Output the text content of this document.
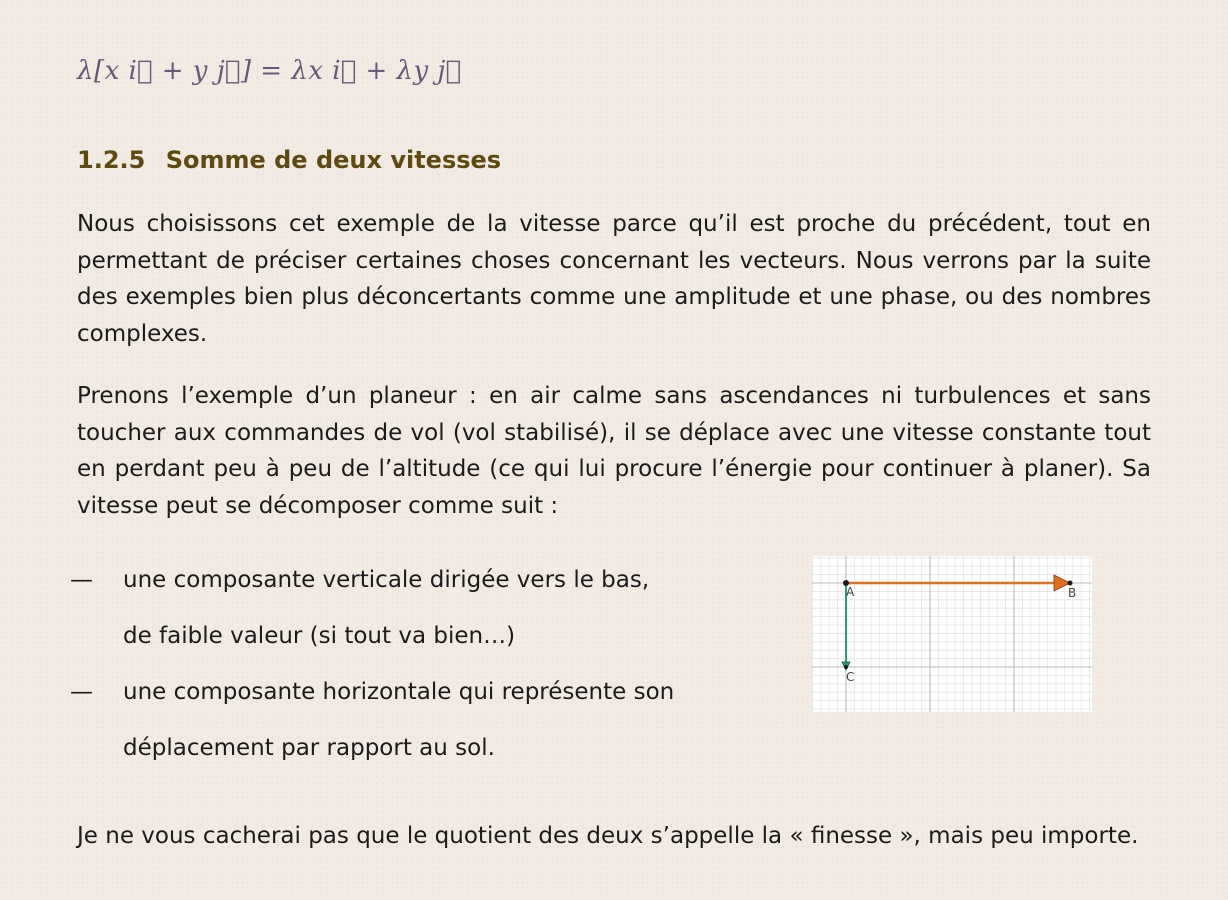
λ[x i⃗ + y j⃗] = λx i⃗ + λy j⃗
1.2.5 Somme de deux vitesses

Nous choisissons cet exemple de la vitesse parce qu’il est proche du précédent, tout en permettant de préciser certaines choses concernant les vecteurs. Nous verrons par la suite des exemples bien plus déconcertants comme une amplitude et une phase, ou des nombres complexes.

Prenons l’exemple d’un planeur : en air calme sans ascendances ni turbulences et sans toucher aux commandes de vol (vol stabilisé), il se déplace avec une vitesse constante tout en perdant peu à peu de l’altitude (ce qui lui procure l’énergie pour continuer à planer). Sa vitesse peut se décomposer comme suit :

—	une composante verticale dirigée vers le bas,
de faible valeur (si tout va bien…)
—	une composante horizontale qui représente son
déplacement par rapport au sol.
A	B
C

Je ne vous cacherai pas que le quotient des deux s’appelle la « finesse », mais peu importe.
